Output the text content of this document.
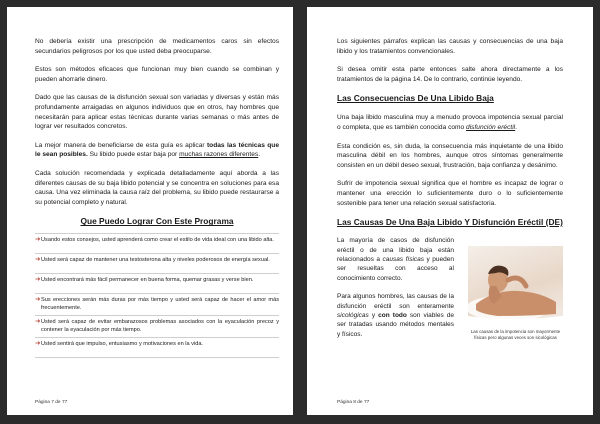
No debería existir una prescripción de medicamentos caros sin efectos secundarios peligrosos por los que usted deba preocuparse.

Estos son métodos eficaces que funcionan muy bien cuando se combinan y pueden ahorrarle dinero.

Dado que las causas de la disfunción sexual son variadas y diversas y están más profundamente arraigadas en algunos individuos que en otros, hay hombres que necesitarán para aplicar estas técnicas durante varias semanas o más antes de lograr ver resultados concretos.

La mejor manera de beneficiarse de esta guía es aplicar todas las técnicas que le sean posibles. Su libido puede estar baja por muchas razones diferentes.

Cada solución recomendada y explicada detalladamente aquí aborda a las diferentes causas de su baja libido potencial y se concentra en soluciones para esa causa. Una vez eliminada la causa raíz del problema, su libido puede restaurarse a su potencial completo y natural.

Que Puedo Lograr Con Este Programa
➜ Usando estos consejos, usted aprenderá como crear el estilo de vida ideal con una libido alta.
➜ Usted será capaz de mantener una testosterona alta y niveles poderosos de energía sexual.
➜ Usted encontrará más fácil permanecer en buena forma, quemar grasas y verse bien.
➜ Sus erecciones serán más duras por más tiempo y usted será capaz de hacer el amor más frecuentemente.
➜ Usted será capaz de evitar embarazosos problemas asociados con la eyaculación precoz y contener la eyaculación por más tiempo.
➜ Usted sentirá que impulso, entusiasmo y motivaciones en la vida.
Página 7 de 77

Los siguientes párrafos explican las causas y consecuencias de una baja libido y los tratamientos convencionales.

Si desea omitir esta parte entonces salte ahora directamente a los tratamientos de la página 14. De lo contrario, continúe leyendo.

Las Consecuencias De Una Libido Baja

Una baja libido masculina muy a menudo provoca impotencia sexual parcial o completa, que es también conocida como disfunción eréctil.

Esta condición es, sin duda, la consecuencia más inquietante de una libido masculina débil en los hombres, aunque otros síntomas generalmente consisten en un débil deseo sexual, frustración, baja confianza y desánimo.

Sufrir de impotencia sexual significa que el hombre es incapaz de lograr o mantener una erección lo suficientemente duro o lo suficientemente sostenible para tener una relación sexual satisfactoria.

Las Causas De Una Baja Libido Y Disfunción Eréctil (DE)

La mayoría de casos de disfunción eréctil o de una libido baja están relacionados a causas físicas y pueden ser resueltas con acceso al conocimiento correcto.

Para algunos hombres, las causas de la disfunción eréctil son enteramente sicológicas y con todo son viables de ser tratadas usando métodos mentales y físicos.	Las causas de la impotencia son mayormente físicas pero algunas veces son sicológicas
Página 8 de 77
